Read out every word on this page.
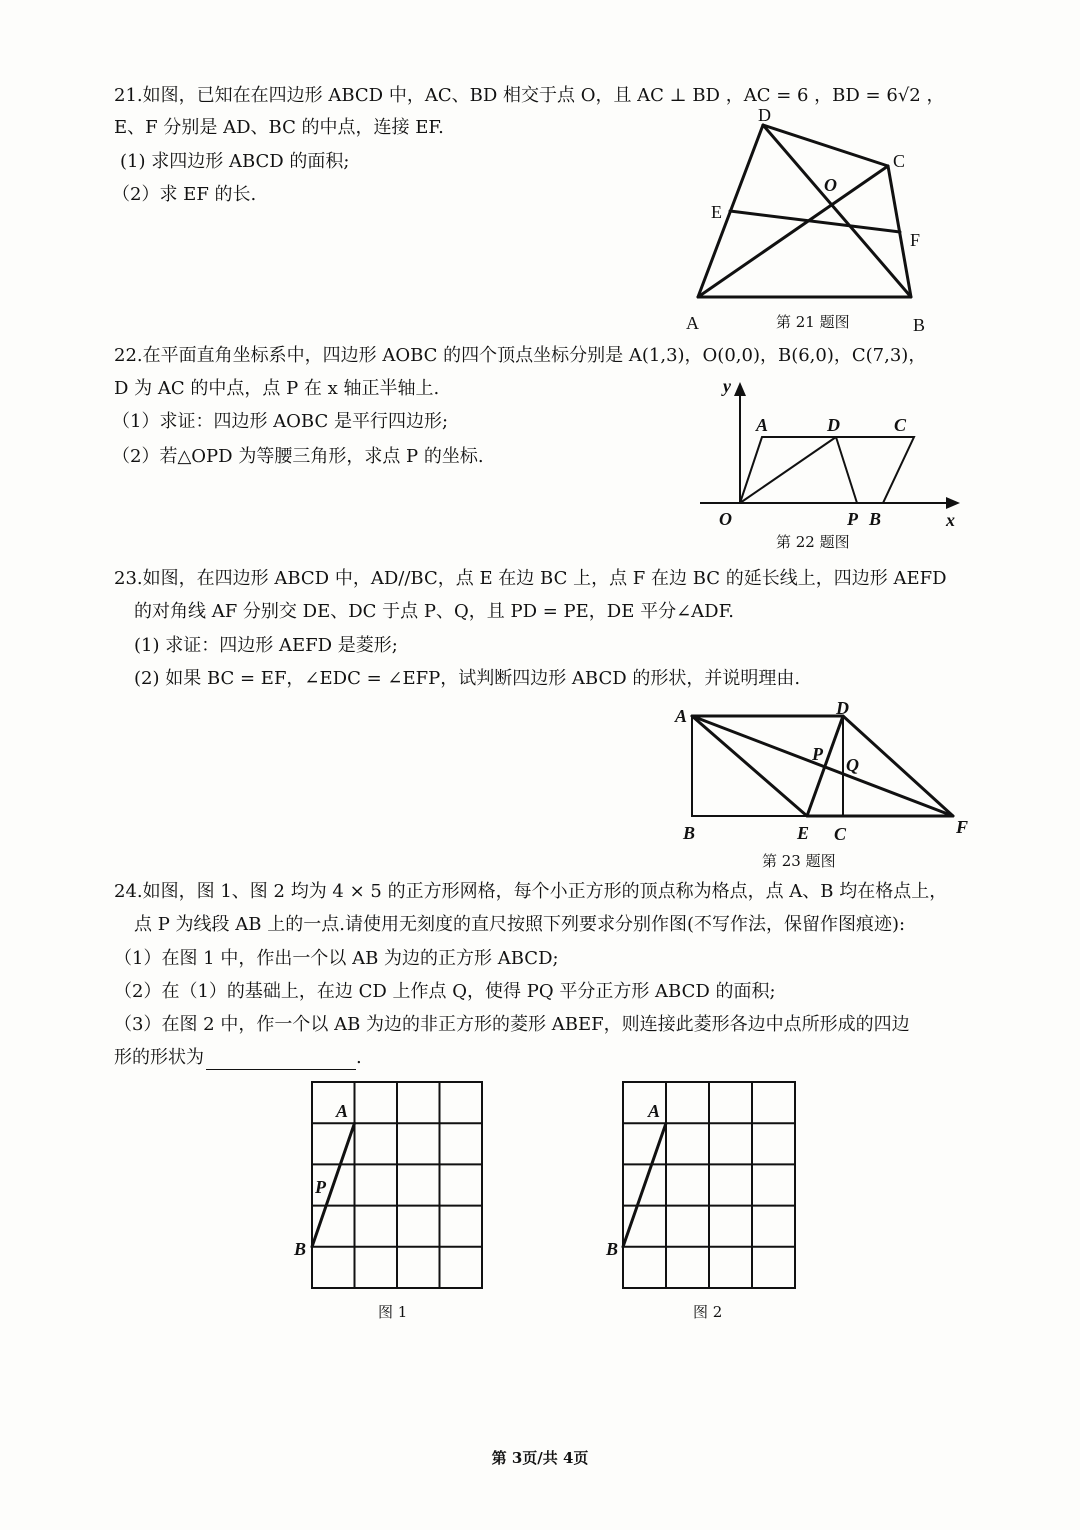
21.如图，已知在在四边形 ABCD 中，AC、BD 相交于点 O，且 AC ⊥ BD ，AC = 6 ，BD = 6√2 ，
E、F 分别是 AD、BC 的中点，连接 EF.
(1) 求四边形 ABCD 的面积;
（2）求 EF 的长.
A	B
C
D
E
F
O
第 21 题图
22.在平面直角坐标系中，四边形 AOBC 的四个顶点坐标分别是 A(1,3)，O(0,0)，B(6,0)，C(7,3)，
D 为 AC 的中点，点 P 在 x 轴正半轴上.
（1）求证：四边形 AOBC 是平行四边形;
（2）若△OPD 为等腰三角形，求点 P 的坐标.
y
x
O
A	D	C
P B
第 22 题图
23.如图，在四边形 ABCD 中，AD//BC，点 E 在边 BC 上，点 F 在边 BC 的延长线上，四边形 AEFD
的对角线 AF 分别交 DE、DC 于点 P、Q，且 PD = PE，DE 平分∠ADF.
(1) 求证：四边形 AEFD 是菱形;
(2) 如果 BC = EF，∠EDC = ∠EFP，试判断四边形 ABCD 的形状，并说明理由.
A	D
P
Q
B	E C	F
第 23 题图
24.如图，图 1、图 2 均为 4 × 5 的正方形网格，每个小正方形的顶点称为格点，点 A、B 均在格点上，
点 P 为线段 AB 上的一点.请使用无刻度的直尺按照下列要求分别作图(不写作法，保留作图痕迹):
（1）在图 1 中，作出一个以 AB 为边的正方形 ABCD;
（2）在（1）的基础上，在边 CD 上作点 Q，使得 PQ 平分正方形 ABCD 的面积;
（3）在图 2 中，作一个以 AB 为边的非正方形的菱形 ABEF，则连接此菱形各边中点所形成的四边
形的形状为	.
A
B
P
A
B
图 1	图 2
第 3页/共 4页
